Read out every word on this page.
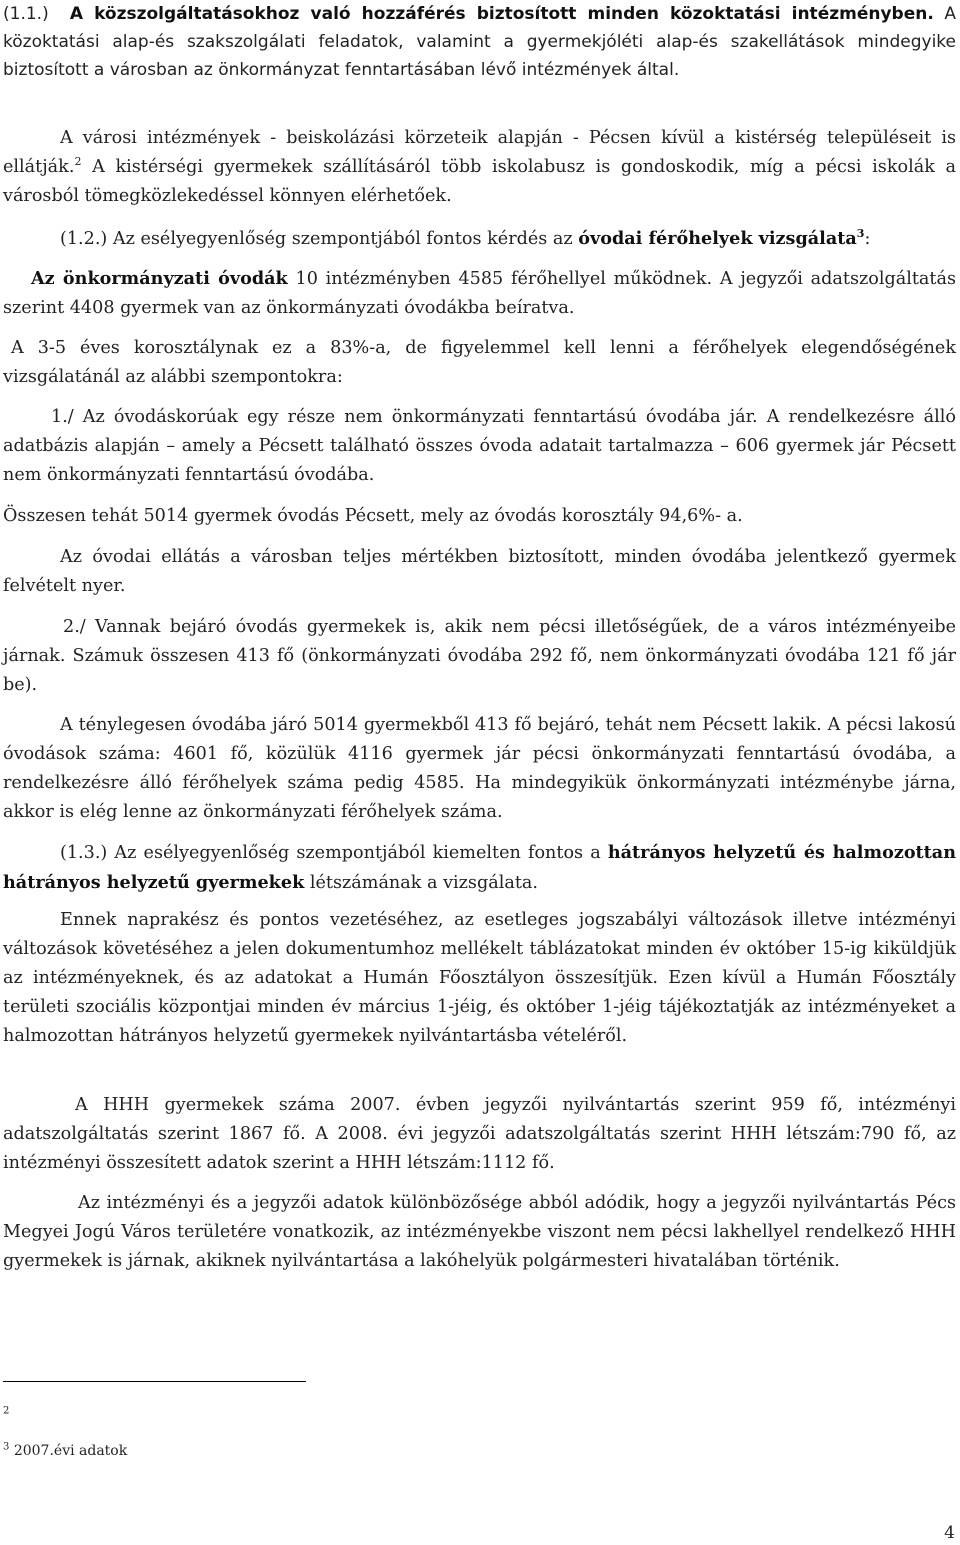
(1.1.) A közszolgáltatásokhoz való hozzáférés biztosított minden közoktatási intézményben. A közoktatási alap-és szakszolgálati feladatok, valamint a gyermekjóléti alap-és szakellátások mindegyike biztosított a városban az önkormányzat fenntartásában lévő intézmények által.

A városi intézmények - beiskolázási körzeteik alapján - Pécsen kívül a kistérség településeit is ellátják.$^2$ A kistérségi gyermekek szállításáról több iskolabusz is gondoskodik, míg a pécsi iskolák a városból tömegközlekedéssel könnyen elérhetőek.

(1.2.) Az esélyegyenlőség szempontjából fontos kérdés az óvodai férőhelyek vizsgálata$^3$:

Az önkormányzati óvodák 10 intézményben 4585 férőhellyel működnek. A jegyzői adatszolgáltatás szerint 4408 gyermek van az önkormányzati óvodákba beíratva.

A 3-5 éves korosztálynak ez a 83%-a, de figyelemmel kell lenni a férőhelyek elegendőségének vizsgálatánál az alábbi szempontokra:

1./ Az óvodáskorúak egy része nem önkormányzati fenntartású óvodába jár. A rendelkezésre álló adatbázis alapján – amely a Pécsett található összes óvoda adatait tartalmazza – 606 gyermek jár Pécsett nem önkormányzati fenntartású óvodába.

Összesen tehát 5014 gyermek óvodás Pécsett, mely az óvodás korosztály 94,6%- a.

Az óvodai ellátás a városban teljes mértékben biztosított, minden óvodába jelentkező gyermek felvételt nyer.

2./ Vannak bejáró óvodás gyermekek is, akik nem pécsi illetőségűek, de a város intézményeibe járnak. Számuk összesen 413 fő (önkormányzati óvodába 292 fő, nem önkormányzati óvodába 121 fő jár be).

A ténylegesen óvodába járó 5014 gyermekből 413 fő bejáró, tehát nem Pécsett lakik. A pécsi lakosú óvodások száma: 4601 fő, közülük 4116 gyermek jár pécsi önkormányzati fenntartású óvodába, a rendelkezésre álló férőhelyek száma pedig 4585. Ha mindegyikük önkormányzati intézménybe járna, akkor is elég lenne az önkormányzati férőhelyek száma.

(1.3.) Az esélyegyenlőség szempontjából kiemelten fontos a hátrányos helyzetű és halmozottan hátrányos helyzetű gyermekek létszámának a vizsgálata.

Ennek naprakész és pontos vezetéséhez, az esetleges jogszabályi változások illetve intézményi változások követéséhez a jelen dokumentumhoz mellékelt táblázatokat minden év október 15-ig kiküldjük az intézményeknek, és az adatokat a Humán Főosztályon összesítjük. Ezen kívül a Humán Főosztály területi szociális központjai minden év március 1-jéig, és október 1-jéig tájékoztatják az intézményeket a halmozottan hátrányos helyzetű gyermekek nyilvántartásba vételéről.

A HHH gyermekek száma 2007. évben jegyzői nyilvántartás szerint 959 fő, intézményi adatszolgáltatás szerint 1867 fő. A 2008. évi jegyzői adatszolgáltatás szerint HHH létszám:790 fő, az intézményi összesített adatok szerint a HHH létszám:1112 fő.

Az intézményi és a jegyzői adatok különbözősége abból adódik, hogy a jegyzői nyilvántartás Pécs Megyei Jogú Város területére vonatkozik, az intézményekbe viszont nem pécsi lakhellyel rendelkező HHH gyermekek is járnak, akiknek nyilvántartása a lakóhelyük polgármesteri hivatalában történik.

$^2$
$^3$ 2007.évi adatok
4
